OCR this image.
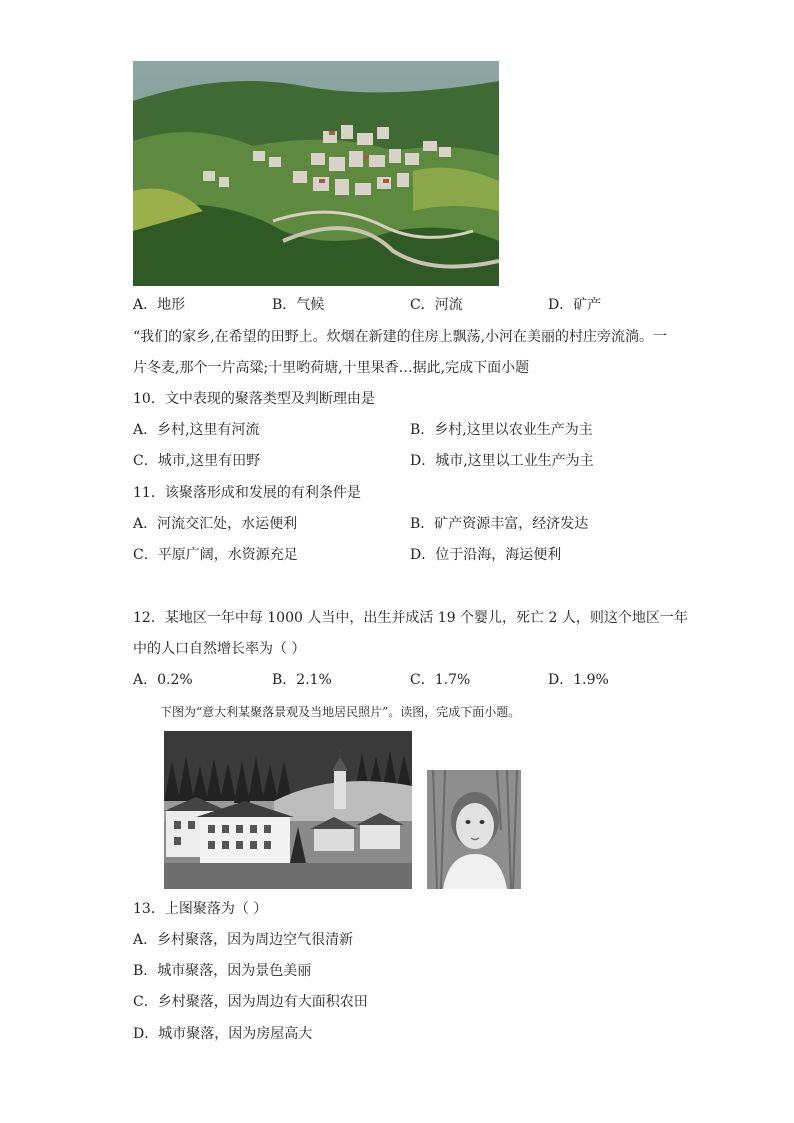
A．地形	B．气候	C．河流	D．矿产
“我们的家乡,在希望的田野上。炊烟在新建的住房上飘荡,小河在美丽的村庄旁流淌。一
片冬麦,那个一片高粱;十里哟荷塘,十里果香…据此,完成下面小题
10．文中表现的聚落类型及判断理由是
A．乡村,这里有河流	B．乡村,这里以农业生产为主
C．城市,这里有田野	D．城市,这里以工业生产为主
11．该聚落形成和发展的有利条件是
A．河流交汇处，水运便利	B．矿产资源丰富，经济发达
C．平原广阔，水资源充足	D．位于沿海，海运便利
12．某地区一年中每 1000 人当中，出生并成活 19 个婴儿，死亡 2 人，则这个地区一年
中的人口自然增长率为（ ）
A．0.2%	B．2.1%	C．1.7%	D．1.9%
下图为“意大利某聚落景观及当地居民照片”。读图，完成下面小题。
13．上图聚落为（ ）
A．乡村聚落，因为周边空气很清新
B．城市聚落，因为景色美丽
C．乡村聚落，因为周边有大面积农田
D．城市聚落，因为房屋高大
